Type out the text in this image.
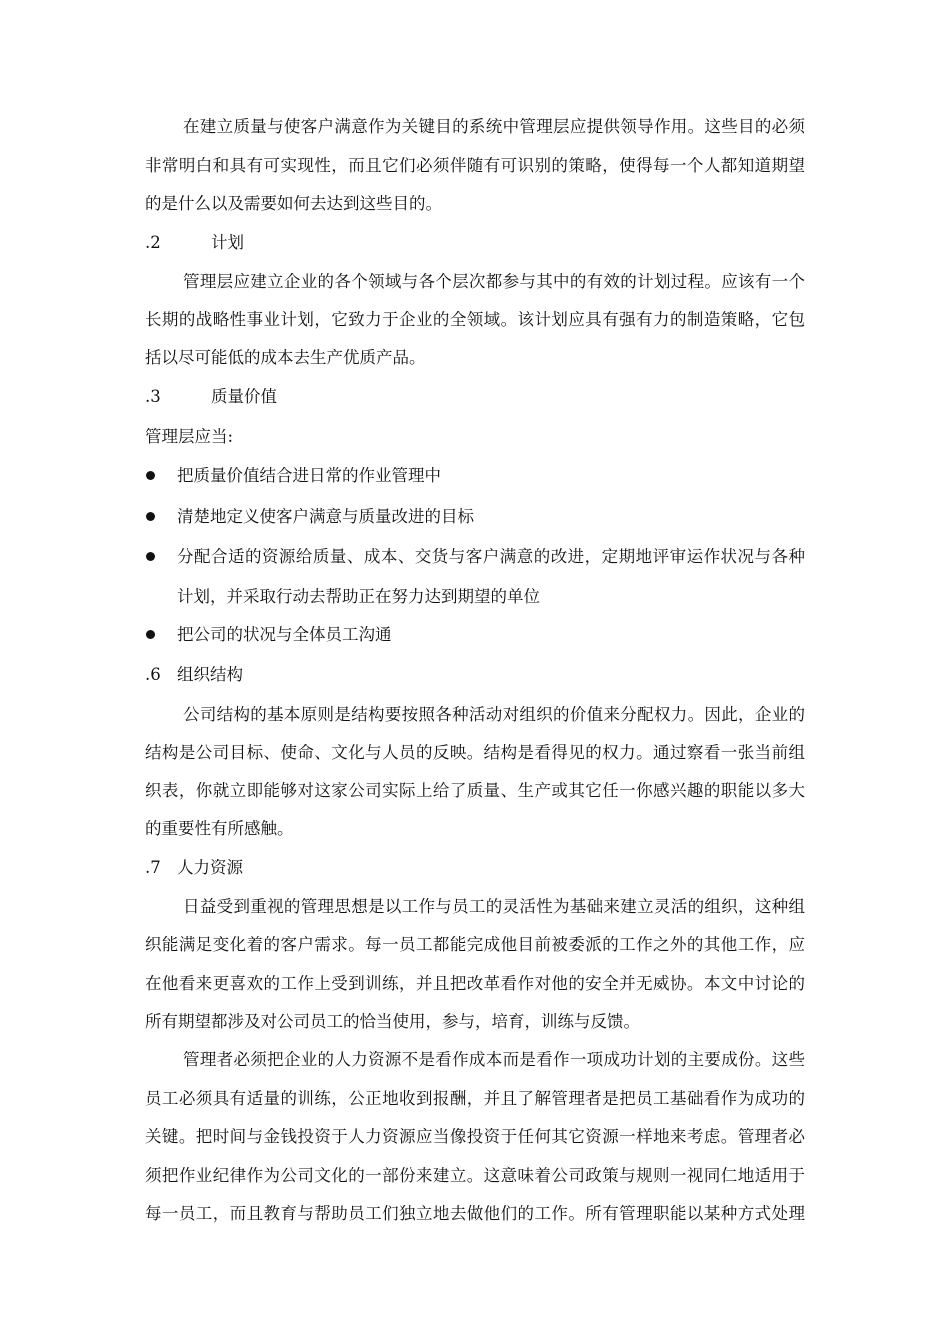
在建立质量与使客户满意作为关键目的系统中管理层应提供领导作用。这些目的必须
非常明白和具有可实现性，而且它们必须伴随有可识别的策略，使得每一个人都知道期望
的是什么以及需要如何去达到这些目的。
.2	计划
管理层应建立企业的各个领域与各个层次都参与其中的有效的计划过程。应该有一个
长期的战略性事业计划，它致力于企业的全领域。该计划应具有强有力的制造策略，它包
括以尽可能低的成本去生产优质产品。
.3	质量价值
管理层应当:
把质量价值结合进日常的作业管理中
清楚地定义使客户满意与质量改进的目标
分配合适的资源给质量、成本、交货与客户满意的改进，定期地评审运作状况与各种
计划，并采取行动去帮助正在努力达到期望的单位
把公司的状况与全体员工沟通
.6 组织结构
公司结构的基本原则是结构要按照各种活动对组织的价值来分配权力。因此，企业的
结构是公司目标、使命、文化与人员的反映。结构是看得见的权力。通过察看一张当前组
织表，你就立即能够对这家公司实际上给了质量、生产或其它任一你感兴趣的职能以多大
的重要性有所感触。
.7 人力资源
日益受到重视的管理思想是以工作与员工的灵活性为基础来建立灵活的组织，这种组
织能满足变化着的客户需求。每一员工都能完成他目前被委派的工作之外的其他工作，应
在他看来更喜欢的工作上受到训练，并且把改革看作对他的安全并无威协。本文中讨论的
所有期望都涉及对公司员工的恰当使用，参与，培育，训练与反馈。
管理者必须把企业的人力资源不是看作成本而是看作一项成功计划的主要成份。这些
员工必须具有适量的训练，公正地收到报酬，并且了解管理者是把员工基础看作为成功的
关键。把时间与金钱投资于人力资源应当像投资于任何其它资源一样地来考虑。管理者必
须把作业纪律作为公司文化的一部份来建立。这意味着公司政策与规则一视同仁地适用于
每一员工，而且教育与帮助员工们独立地去做他们的工作。所有管理职能以某种方式处理
